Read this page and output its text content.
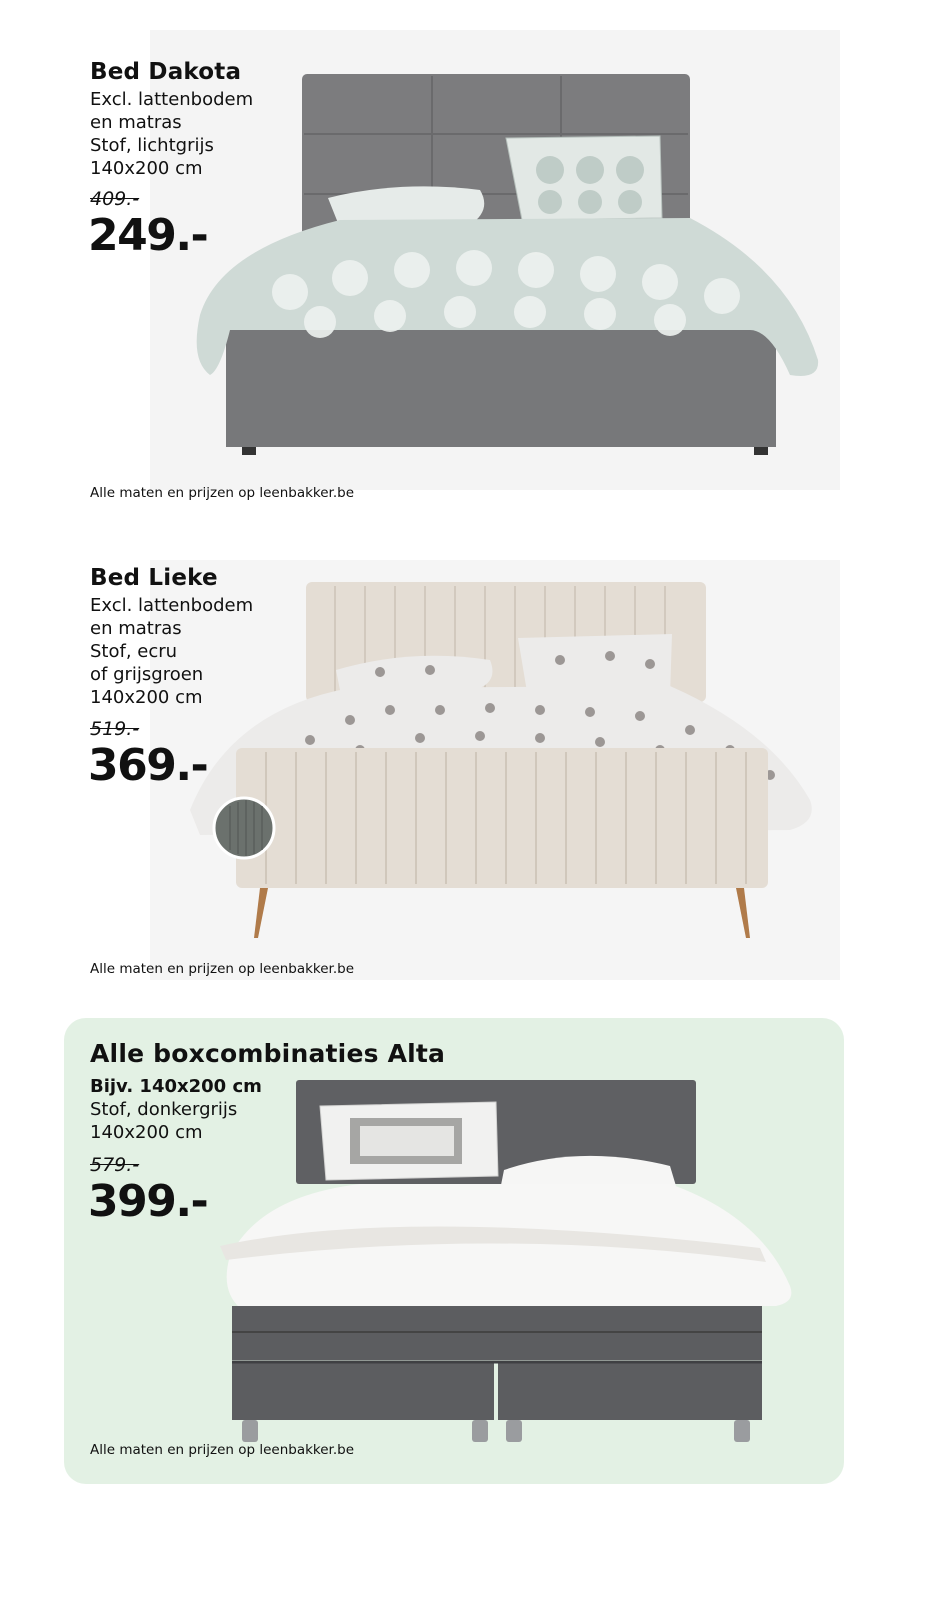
Bed Dakota
Excl. lattenbodem
en matras
Stof, lichtgrijs
140x200 cm
409.-
249.-
Alle maten en prijzen op leenbakker.be
Bed Lieke
Excl. lattenbodem
en matras
Stof, ecru
of grijsgroen
140x200 cm
519.-
369.-
Alle maten en prijzen op leenbakker.be
Alle boxcombinaties Alta
Bijv. 140x200 cm
Stof, donkergrijs
140x200 cm
579.-
399.-
Alle maten en prijzen op leenbakker.be
